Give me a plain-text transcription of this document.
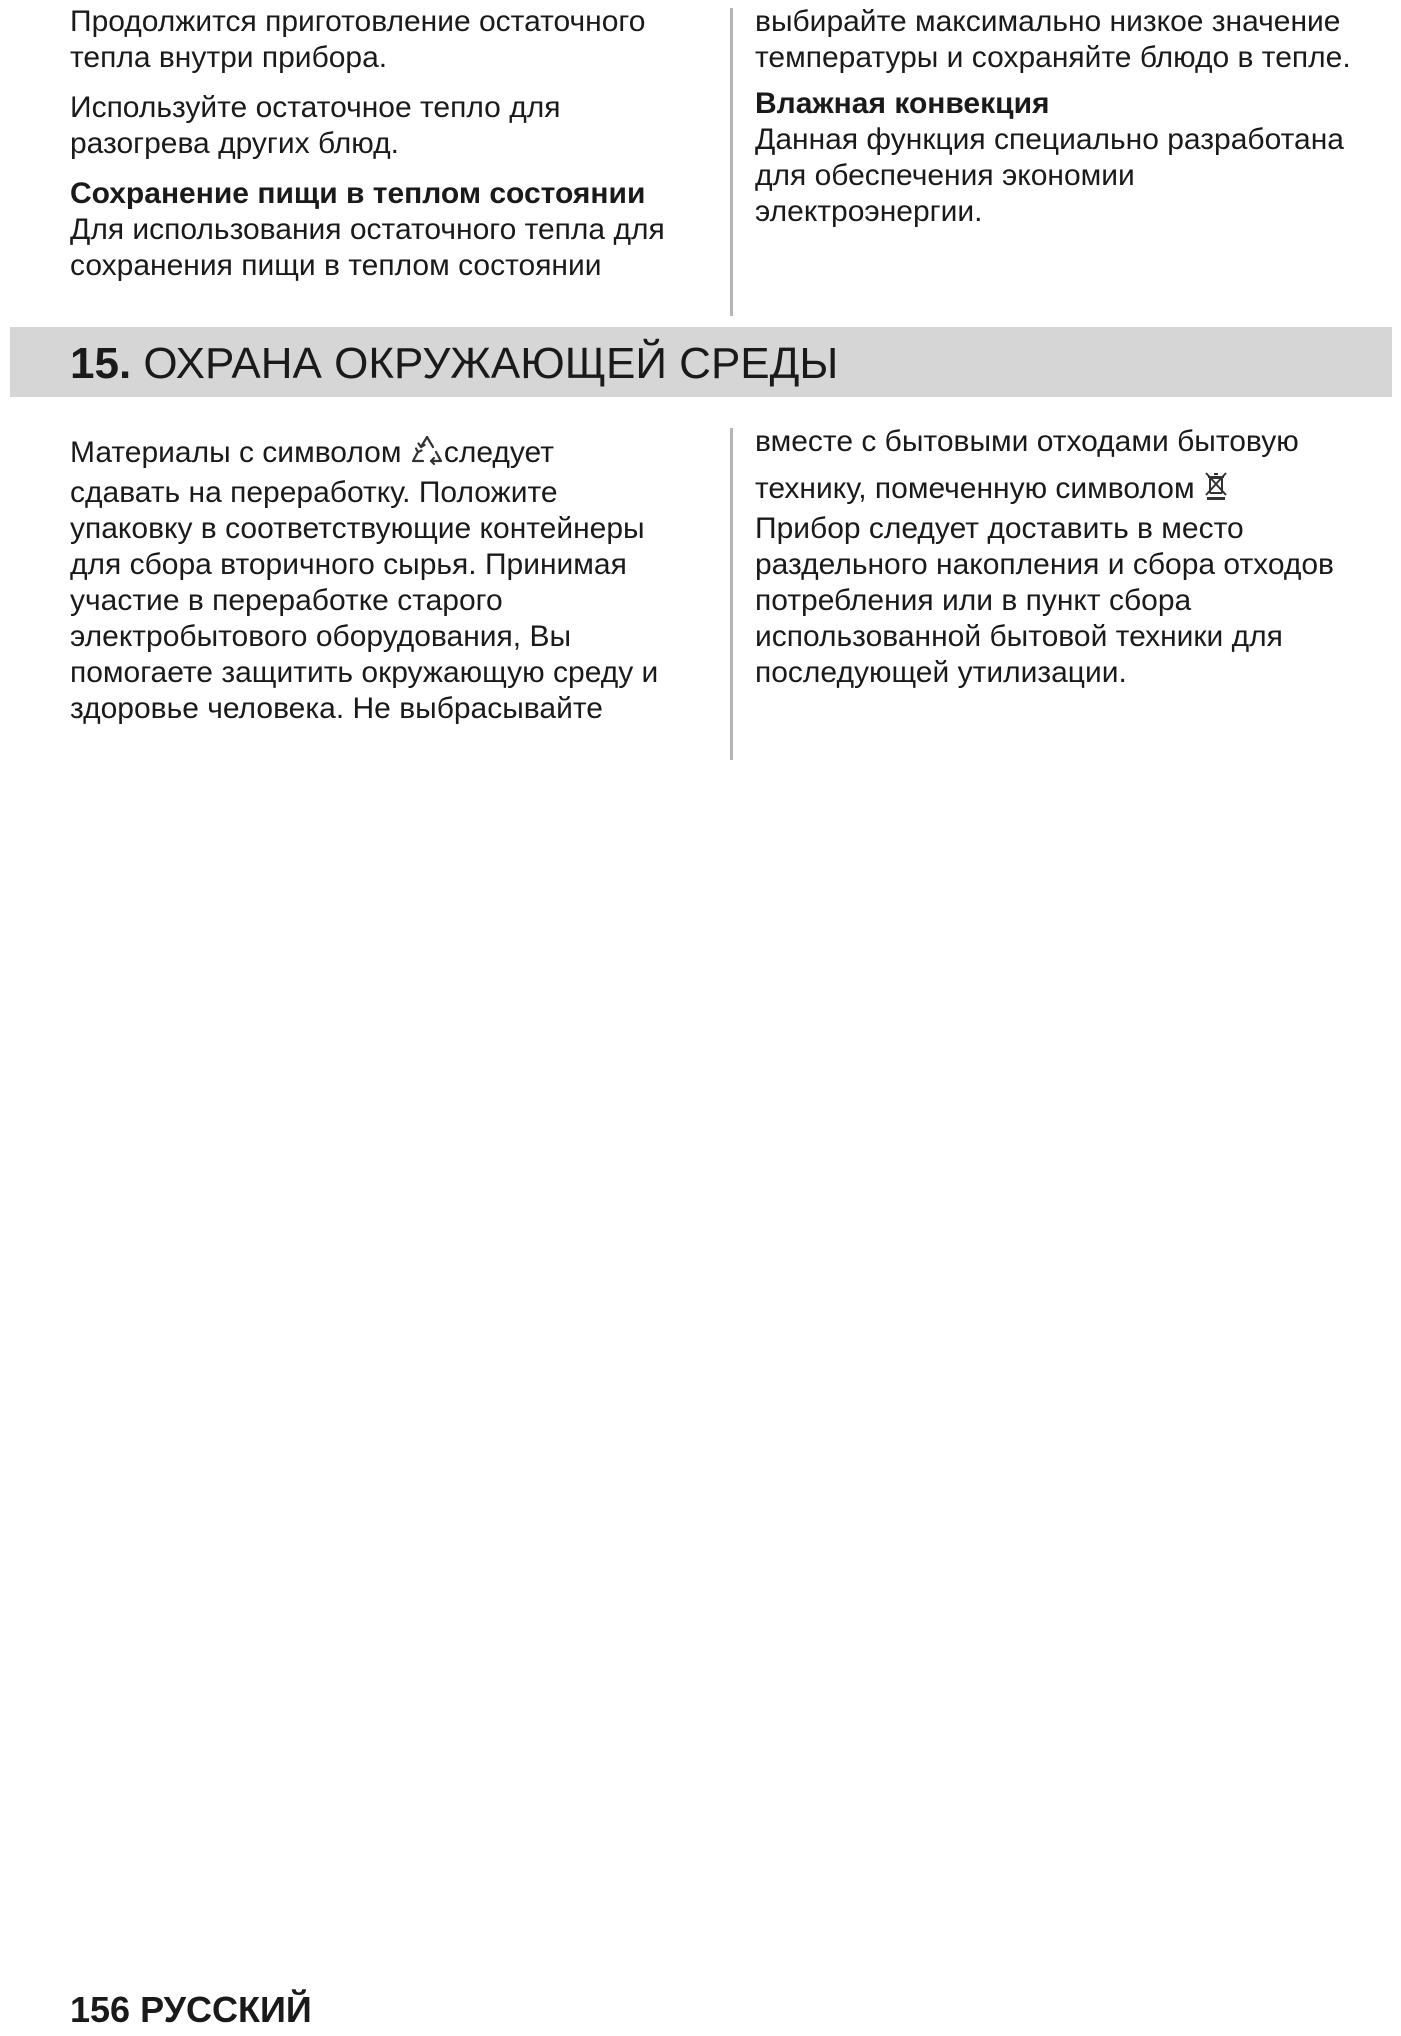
Продолжится приготовление остаточного
тепла внутри прибора.

Используйте остаточное тепло для
разогрева других блюд.

Сохранение пищи в теплом состоянии

Для использования остаточного тепла для
сохранения пищи в теплом состоянии

выбирайте максимально низкое значение
температуры и сохраняйте блюдо в тепле.

Влажная конвекция

Данная функция специально разработана
для обеспечения экономии
электроэнергии.

15. ОХРАНА ОКРУЖАЮЩЕЙ СРЕДЫ

Материалы с символом следует

сдавать на переработку. Положите
упаковку в соответствующие контейнеры
для сбора вторичного сырья. Принимая
участие в переработке старого
электробытового оборудования, Вы
помогаете защитить окружающую среду и
здоровье человека. Не выбрасывайте

вместе с бытовыми отходами бытовую

технику, помеченную символом

Прибор следует доставить в место
раздельного накопления и сбора отходов
потребления или в пункт сбора
использованной бытовой техники для
последующей утилизации.

156 РУССКИЙ
